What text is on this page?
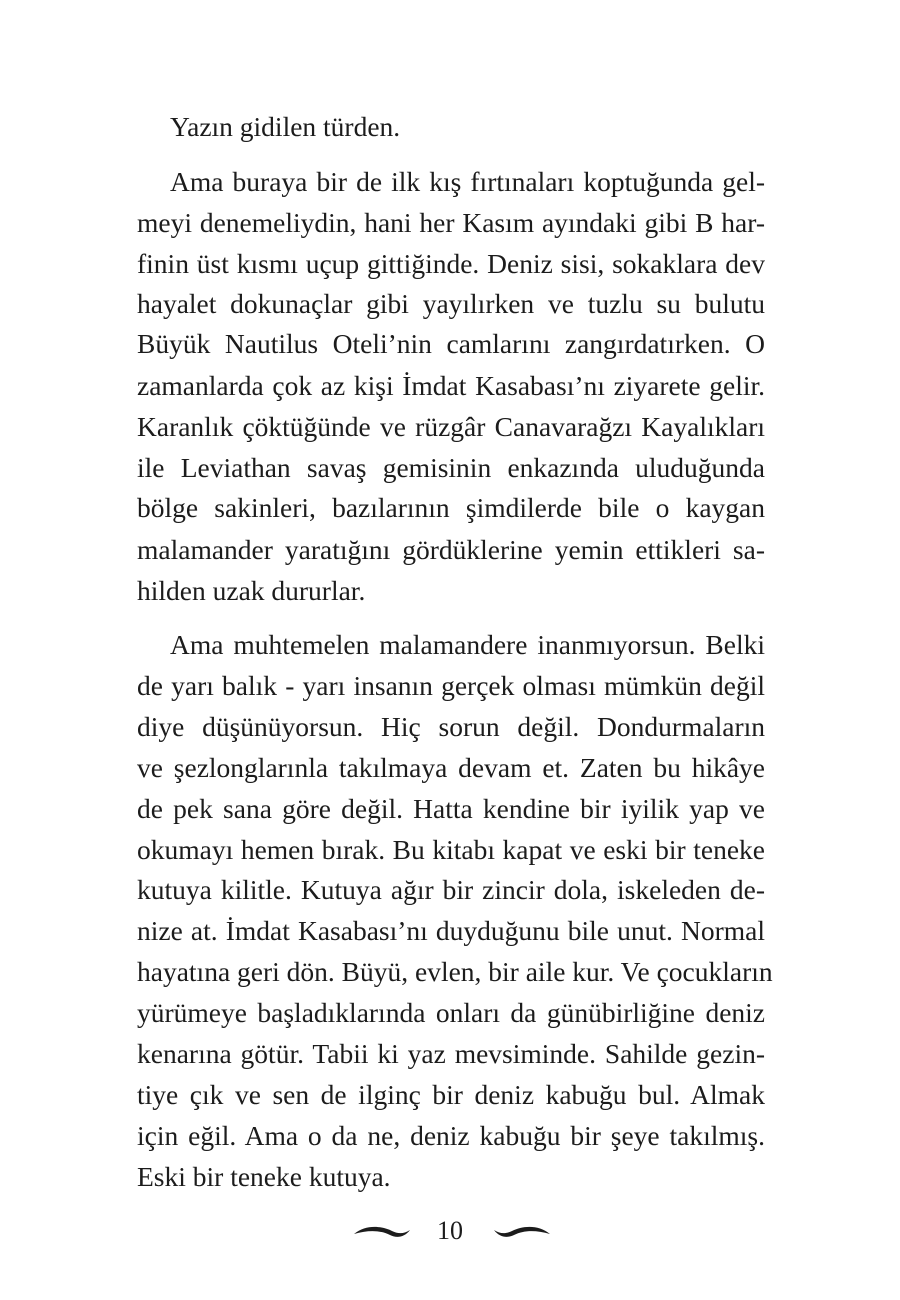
Yazın gidilen türden.
Ama buraya bir de ilk kış fırtınaları koptuğunda gel-
meyi denemeliydin, hani her Kasım ayındaki gibi B har-
finin üst kısmı uçup gittiğinde. Deniz sisi, sokaklara dev
hayalet dokunaçlar gibi yayılırken ve tuzlu su bulutu
Büyük Nautilus Oteli’nin camlarını zangırdatırken. O
zamanlarda çok az kişi İmdat Kasabası’nı ziyarete gelir.
Karanlık çöktüğünde ve rüzgâr Canavarağzı Kayalıkları
ile Leviathan savaş gemisinin enkazında uluduğunda
bölge sakinleri, bazılarının şimdilerde bile o kaygan
malamander yaratığını gördüklerine yemin ettikleri sa-
hilden uzak dururlar.
Ama muhtemelen malamandere inanmıyorsun. Belki
de yarı balık - yarı insanın gerçek olması mümkün değil
diye düşünüyorsun. Hiç sorun değil. Dondurmaların
ve şezlonglarınla takılmaya devam et. Zaten bu hikâye
de pek sana göre değil. Hatta kendine bir iyilik yap ve
okumayı hemen bırak. Bu kitabı kapat ve eski bir teneke
kutuya kilitle. Kutuya ağır bir zincir dola, iskeleden de-
nize at. İmdat Kasabası’nı duyduğunu bile unut. Normal
hayatına geri dön. Büyü, evlen, bir aile kur. Ve çocukların
yürümeye başladıklarında onları da günübirliğine deniz
kenarına götür. Tabii ki yaz mevsiminde. Sahilde gezin-
tiye çık ve sen de ilginç bir deniz kabuğu bul. Almak
için eğil. Ama o da ne, deniz kabuğu bir şeye takılmış.
Eski bir teneke kutuya.
10
